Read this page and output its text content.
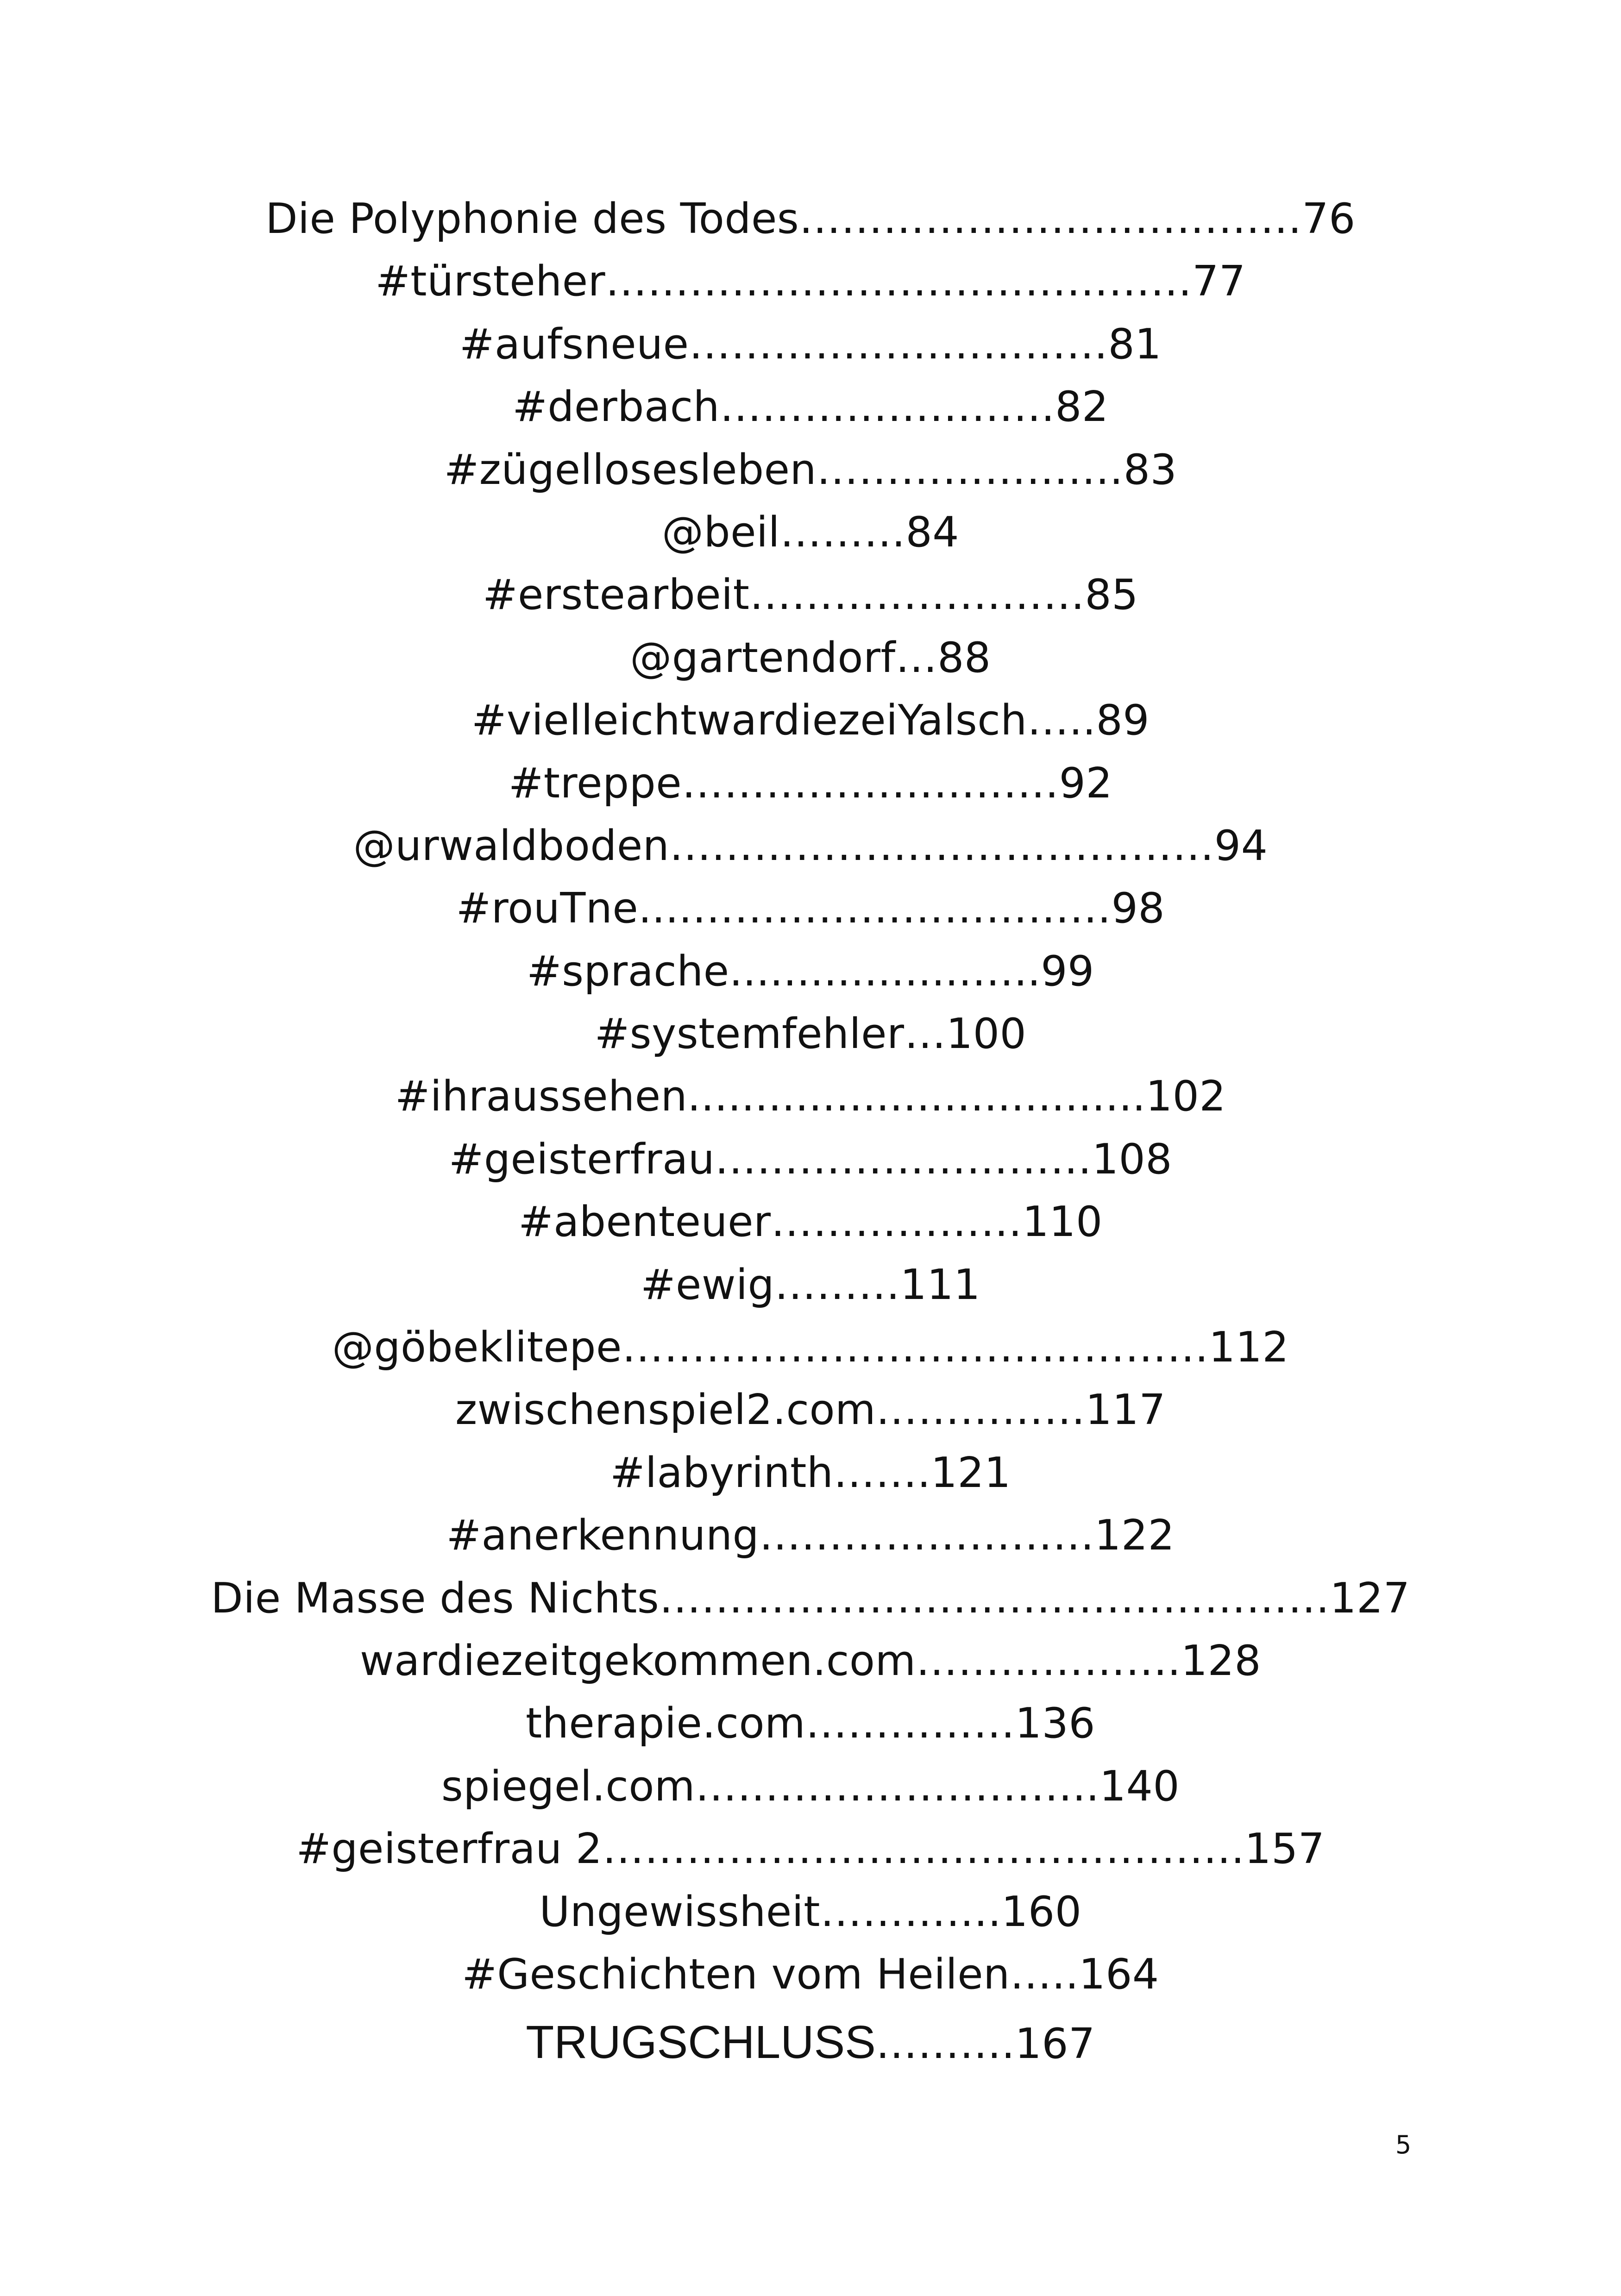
Die Polyphonie des Todes………………………………76
#türsteher……………………………………77
#aufsneue…………………………81
#derbach……………………82
#zügellosesleben……………….…83
@beil………84
#erstearbeit……………………85
@gartendorf…88
#vielleichtwardiezeiYalsch…..89
#treppe………………………92
@urwaldboden…………………………………94
#rouTne....…………………………98
#sprache..................…..99
#systemfehler…100
#ihraussehen..................................102
#geisterfrau………………………108
#abenteuer………………110
#ewig………111
@göbeklitepe……………………………………112
zwischenspiel2.com……………117
#labyrinth…….121
#anerkennung……………………122
Die Masse des Nichts…………………………………………127
wardiezeitgekommen.com……………….128
therapie.com……………136
spiegel.com………………………..140
#geisterfrau 2……………………………………….157
Ungewissheit………….160
#Geschichten vom Heilen…..164
TRUGSCHLUSS……….167
5
